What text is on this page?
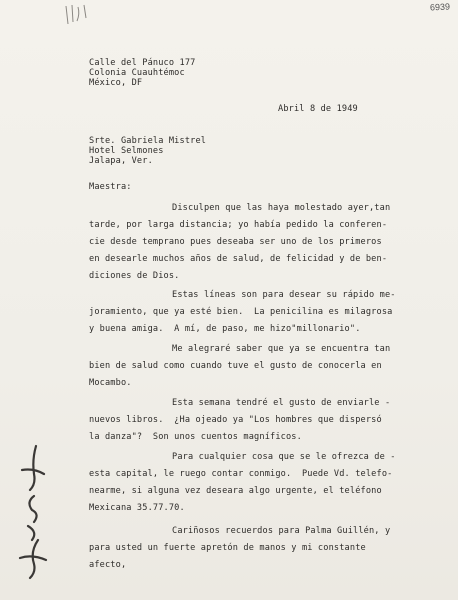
6939
Calle del Pánuco 177
Colonia Cuauhtémoc
México, DF
Abril 8 de 1949
Srte. Gabriela Mistrel
Hotel Selmones
Jalapa, Ver.
Maestra:
Disculpen que las haya molestado ayer,tan
tarde, por larga distancia; yo había pedido la conferen-
cie desde temprano pues deseaba ser uno de los primeros
en desearle muchos años de salud, de felicidad y de ben-
diciones de Dios.
Estas líneas son para desear su rápido me-
joramiento, que ya esté bien.  La penicilina es milagrosa
y buena amiga.  A mí, de paso, me hizo"millonario".
Me alegraré saber que ya se encuentra tan
bien de salud como cuando tuve el gusto de conocerla en
Mocambo.
Esta semana tendré el gusto de enviarle -
nuevos libros.  ¿Ha ojeado ya "Los hombres que dispersó
la danza"?  Son unos cuentos magníficos.
Para cualquier cosa que se le ofrezca de -
esta capital, le ruego contar conmigo.  Puede Vd. telefo-
nearme, si alguna vez deseara algo urgente, el teléfono
Mexicana 35.77.70.
Cariñosos recuerdos para Palma Guillén, y
para usted un fuerte apretón de manos y mi constante
afecto,
